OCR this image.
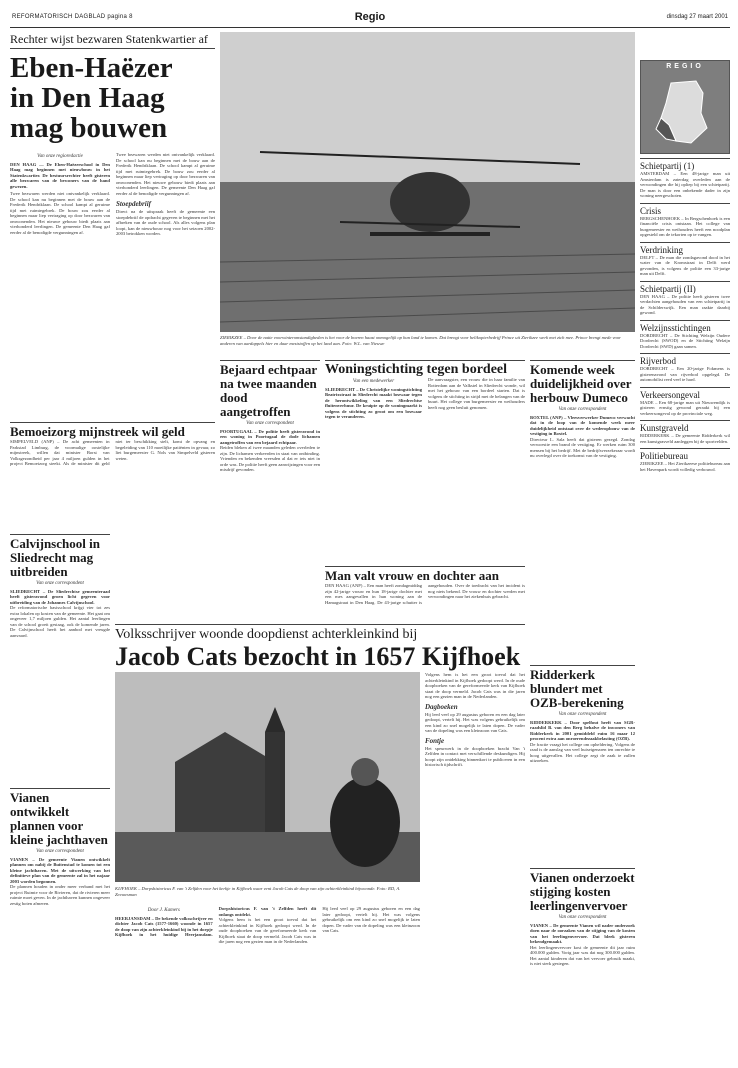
REFORMATORISCH DAGBLAD pagina 8	Regio	dinsdag 27 maart 2001
Rechter wijst bezwaren Statenkwartier af
Eben-Haëzer
in Den Haag
mag bouwen
Van onze regioredactie

DEN HAAG — De Eben-Haëzerschool in Den Haag mag beginnen met nieuwbouw in het Statenkwartier. De bestuursrechter heeft gisteren alle bezwaren van de bewoners van de hand gewezen.

Twee bezwaren werden niet ontvankelijk verklaard. De school kan nu beginnen met de bouw aan de Frederik Hendriklaan. De school kampt al geruime tijd met ruimtegebrek. De bouw zou eerder al beginnen maar liep vertraging op door bezwaren van omwonenden. Het nieuwe gebouw biedt plaats aan vierhonderd leerlingen. De gemeente Den Haag gaf eerder al de benodigde vergunningen af.

Twee bezwaren werden niet ontvankelijk verklaard. De school kan nu beginnen met de bouw aan de Frederik Hendriklaan. De school kampt al geruime tijd met ruimtegebrek. De bouw zou eerder al beginnen maar liep vertraging op door bezwaren van omwonenden. Het nieuwe gebouw biedt plaats aan vierhonderd leerlingen. De gemeente Den Haag gaf eerder al de benodigde vergunningen af.

Stoepdebriif

Direct na de uitspraak heeft de gemeente een stoepdebriif de opdracht gegeven te beginnen met het afbreken van de oude school. Als alles volgens plan loopt, kan de nieuwbouw nog voor het seizoen 2002-2003 betrokken worden.

ZIERIKZEE – Door de natte voorwinteromstandigheden is het voor de boeren haast onmogelijk op hun land te komen. Dat brengt voor helikopterbedrijf Prince uit Zierikzee werk met zich mee. Prince brengt mede voor anderen van aardappels hier en daar meststoffen op het land aan. Foto: W.L. van Nieuwe
Bejaard echtpaar na twee maanden dood aangetroffen
Van onze correspondent

POORTUGAAL – De politie heeft gisteravond in een woning in Poortugaal de dode lichamen aangetroffen van een bejaard echtpaar.

Beiden bleken al twee maanden geleden overleden te zijn. De lichamen verkeerden in staat van ontbinding. Vrienden en bekenden vreesden al dat er iets niet in orde was. De politie heeft geen aanwijzingen voor een misdrijf gevonden.

Woningstichting tegen bordeel
Van een medewerker

SLIEDRECHT – De Christelijke woningstichting Beatrixstraat in Sliedrecht maakt bezwaar tegen de herontwikkeling van een Sliedrechtse fluitenverhuur. De kruipte op de woningmarkt is volgens de stichting zo groot om een bezwaar tegen te veranderen.

De aanvraagster, een vrouw die in haar familie van Rotterdam aan de Valkstel in Sliedrecht wonde, wil met het gebouw van een bordeel starten. Dat is volgens de stichting in strijd met de belangen van de buurt. Het college van burgemeester en wethouders heeft nog geen besluit genomen.

Man valt vrouw en dochter aan

DEN HAAG (ANP) – Een man heeft zondagmiddag zijn 42-jarige vrouw en hun 18-jarige dochter met een mes aangevallen in hun woning aan de Hamagstraat in Den Haag. De 43-jarige schutter is aangehouden. Over de toedracht van het incident is nog niets bekend. De vrouw en dochter werden met verwondingen naar het ziekenhuis gebracht.

Komende week duidelijkheid over herbouw Dumeco
Van onze correspondent

BOXTEL (ANP) – Vleesverwerker Dumeco verwacht dat in de loop van de komende week meer duidelijkheid ontstaat over de wederopbouw van de vestiging in Boxtel.

Directeur L. Sala heeft dat gisteren gezegd. Zondag verwoestte een brand de vestiging. Er werken ruim 300 mensen bij het bedrijf. Met de bedrijfsverzekeraar wordt nu overlegd over de toekomst van de vestiging.

Bemoeizorg mijnstreek wil geld

SIMPELVELD (ANP) – De acht gemeenten in Parkstad Limburg, de voormalige oostelijke mijnstreek, willen dat minister Borst van Volksgezondheid per jaar 4 miljoen gulden in het project Bemoeizorg steekt. Als de minister dit geld niet ter beschikking stelt, komt de opvang en begeleiding van 110 moeilijke patiënten in gevaar, zo liet burgemeester G. Nols van Simpelveld gisteren weten.

Calvijnschool in Sliedrecht mag uitbreiden
Van onze correspondent

SLIEDRECHT – De Sliedrechtse gemeenteraad heeft gisteravond groen licht gegeven voor uitbreiding van de Johannes Calvijnschool.

De reformatorische basisschool krijgt vier tot zes extra lokalen op kosten van de gemeente. Het gaat om ongeveer 1,7 miljoen gulden. Het aantal leerlingen van de school groeit gestaag, ook de komende jaren. De Calvijnschool heeft het aanbod met vreugde aanvaard.

Vianen ontwikkelt plannen voor kleine jachthaven
Van onze correspondent

VIANEN – De gemeente Vianen ontwikkelt plannen om nabij de Buitenstad te komen tot een kleine jachthaven. Met de uitwerking van het definitieve plan van de gemeente zal in het najaar 2003 worden begonnen.

De plannen houden in onder meer verband met het project Ruimte voor de Rivieren, dat de rivieren meer ruimte moet geven. In de jachthaven kunnen ongeveer zestig boten afmeren.

Volksschrijver woonde doopdienst achterkleinkind bij
Jacob Cats bezocht in 1657 Kijfhoek
KIJFHOEK – Dorpshistoricus F. van 't Zelfden voor het kerkje in Kijfhoek waar vent Jacob Cats de doop van zijn achterkleinkind bijwoonde. Foto: RD, A. Zeeuwsman

Volgens hem is het een groot toeval dat het achterkleinkind in Kijfhoek gedoopt werd. In de oude doopboeken van de gereformeerde kerk van Kijfhoek staat de doop vermeld. Jacob Cats was in die jaren nog een gezien man in de Nederlanden.

Dagboeken

Hij leed veel op 29 augustus geboren en een dag later gedoopt, vertelt hij. Het was volgens gebruikelijk om een kind zo snel mogelijk te laten dopen. De vader van de dopeling was een kleinzoon van Cats.

Fontje

Het speurwerk in de doopboeken bracht Van 't Zelfden in contact met verschillende deskundigen. Hij hoopt zijn ontdekking binnenkort te publiceren in een historisch tijdschrift.

Door J. Kamers

HEERJANSDAM – De bekende volksschrijver en dichter Jacob Cats (1577-1660) woonde in 1657 de doop van zijn achterkleinkind bij in het dorpje Kijfhoek in het huidige Heerjansdam. Dorpshistoricus F. van 't Zelfden heeft dit onlangs ontdekt.

Volgens hem is het een groot toeval dat het achterkleinkind in Kijfhoek gedoopt werd. In de oude doopboeken van de gereformeerde kerk van Kijfhoek staat de doop vermeld. Jacob Cats was in die jaren nog een gezien man in de Nederlanden.

Hij leed veel op 29 augustus geboren en een dag later gedoopt, vertelt hij. Het was volgens gebruikelijk om een kind zo snel mogelijk te laten dopen. De vader van de dopeling was een kleinzoon van Cats.

Ridderkerk blundert met OZB-berekening
Van onze correspondent

RIDDERKERK – Door spelfout heeft van SGR-raadslid B. van den Berg behalve de inwoners van Ridderkerk in 2001 gemiddeld ruim 16 maar 12 procent extra aan onroerendezaakbelasting (OZB).

De fractie vraagt het college om opheldering. Volgens de raad is de aanslag van veel huiseigenaren ten onrechte te hoog uitgevallen. Het college zegt de zaak te zullen uitzoeken.

Vianen onderzoekt stijging kosten leerlingenvervoer
Van onze correspondent

VIANEN – De gemeente Vianen wil nader onderzoek doen naar de oorzaken van de stijging van de kosten van het leerlingenvervoer. Dat bleek gisteren bekendgemaakt.

Het leerlingenvervoer kost de gemeente dit jaar ruim 400.000 gulden. Vorig jaar was dat nog 300.000 gulden. Het aantal kinderen dat van het vervoer gebruik maakt, is niet sterk gestegen.

REGIO
Schietpartij (1)
AMSTERDAM – Een 48-jarige man uit Amsterdam is zaterdag overleden aan de verwondingen die hij opliep bij een schietpartij. De man is door een onbekende dader in zijn woning neergeschoten.
Crisis
BERGSCHENHOEK – In Bergschenhoek is een financiële crisis ontstaan. Het college van burgemeester en wethouders heeft een noodplan opgesteld om de tekorten op te vangen.
Verdrinking
DELFT – De man die zondagavond dood in het water van de Kromstraat in Delft werd gevonden, is volgens de politie een 33-jarige man uit Delft.
Schietpartij (II)
DEN HAAG – De politie heeft gisteren twee verdachten aangehouden van een schietpartij in de Schilderswijk. Een man raakte daarbij gewond.
Welzijnsstichtingen
DORDRECHT – De Stichting Welzijn Oudere Dordrecht (SWOD) en de Stichting Welzijn Dordrecht (SWD) gaan samen.
Rijverbod
DORDRECHT – Een 20-jarige Fokmens is gisterenavond van rijverbod opgelegd. De automobilist reed veel te hard.
Verkeersongeval
MADE – Een 68-jarige man uit Nieuwendijk is gisteren ernstig gewond geraakt bij een verkeersongeval op de provinciale weg.
Kunstgraveld
RIDDERKERK – De gemeente Ridderkerk wil een kunstgrasveld aanleggen bij de sportvelden.
Politiebureau
ZIERIKZEE – Het Zierikzeese politiebureau aan het Havenpark wordt volledig verbouwd.
